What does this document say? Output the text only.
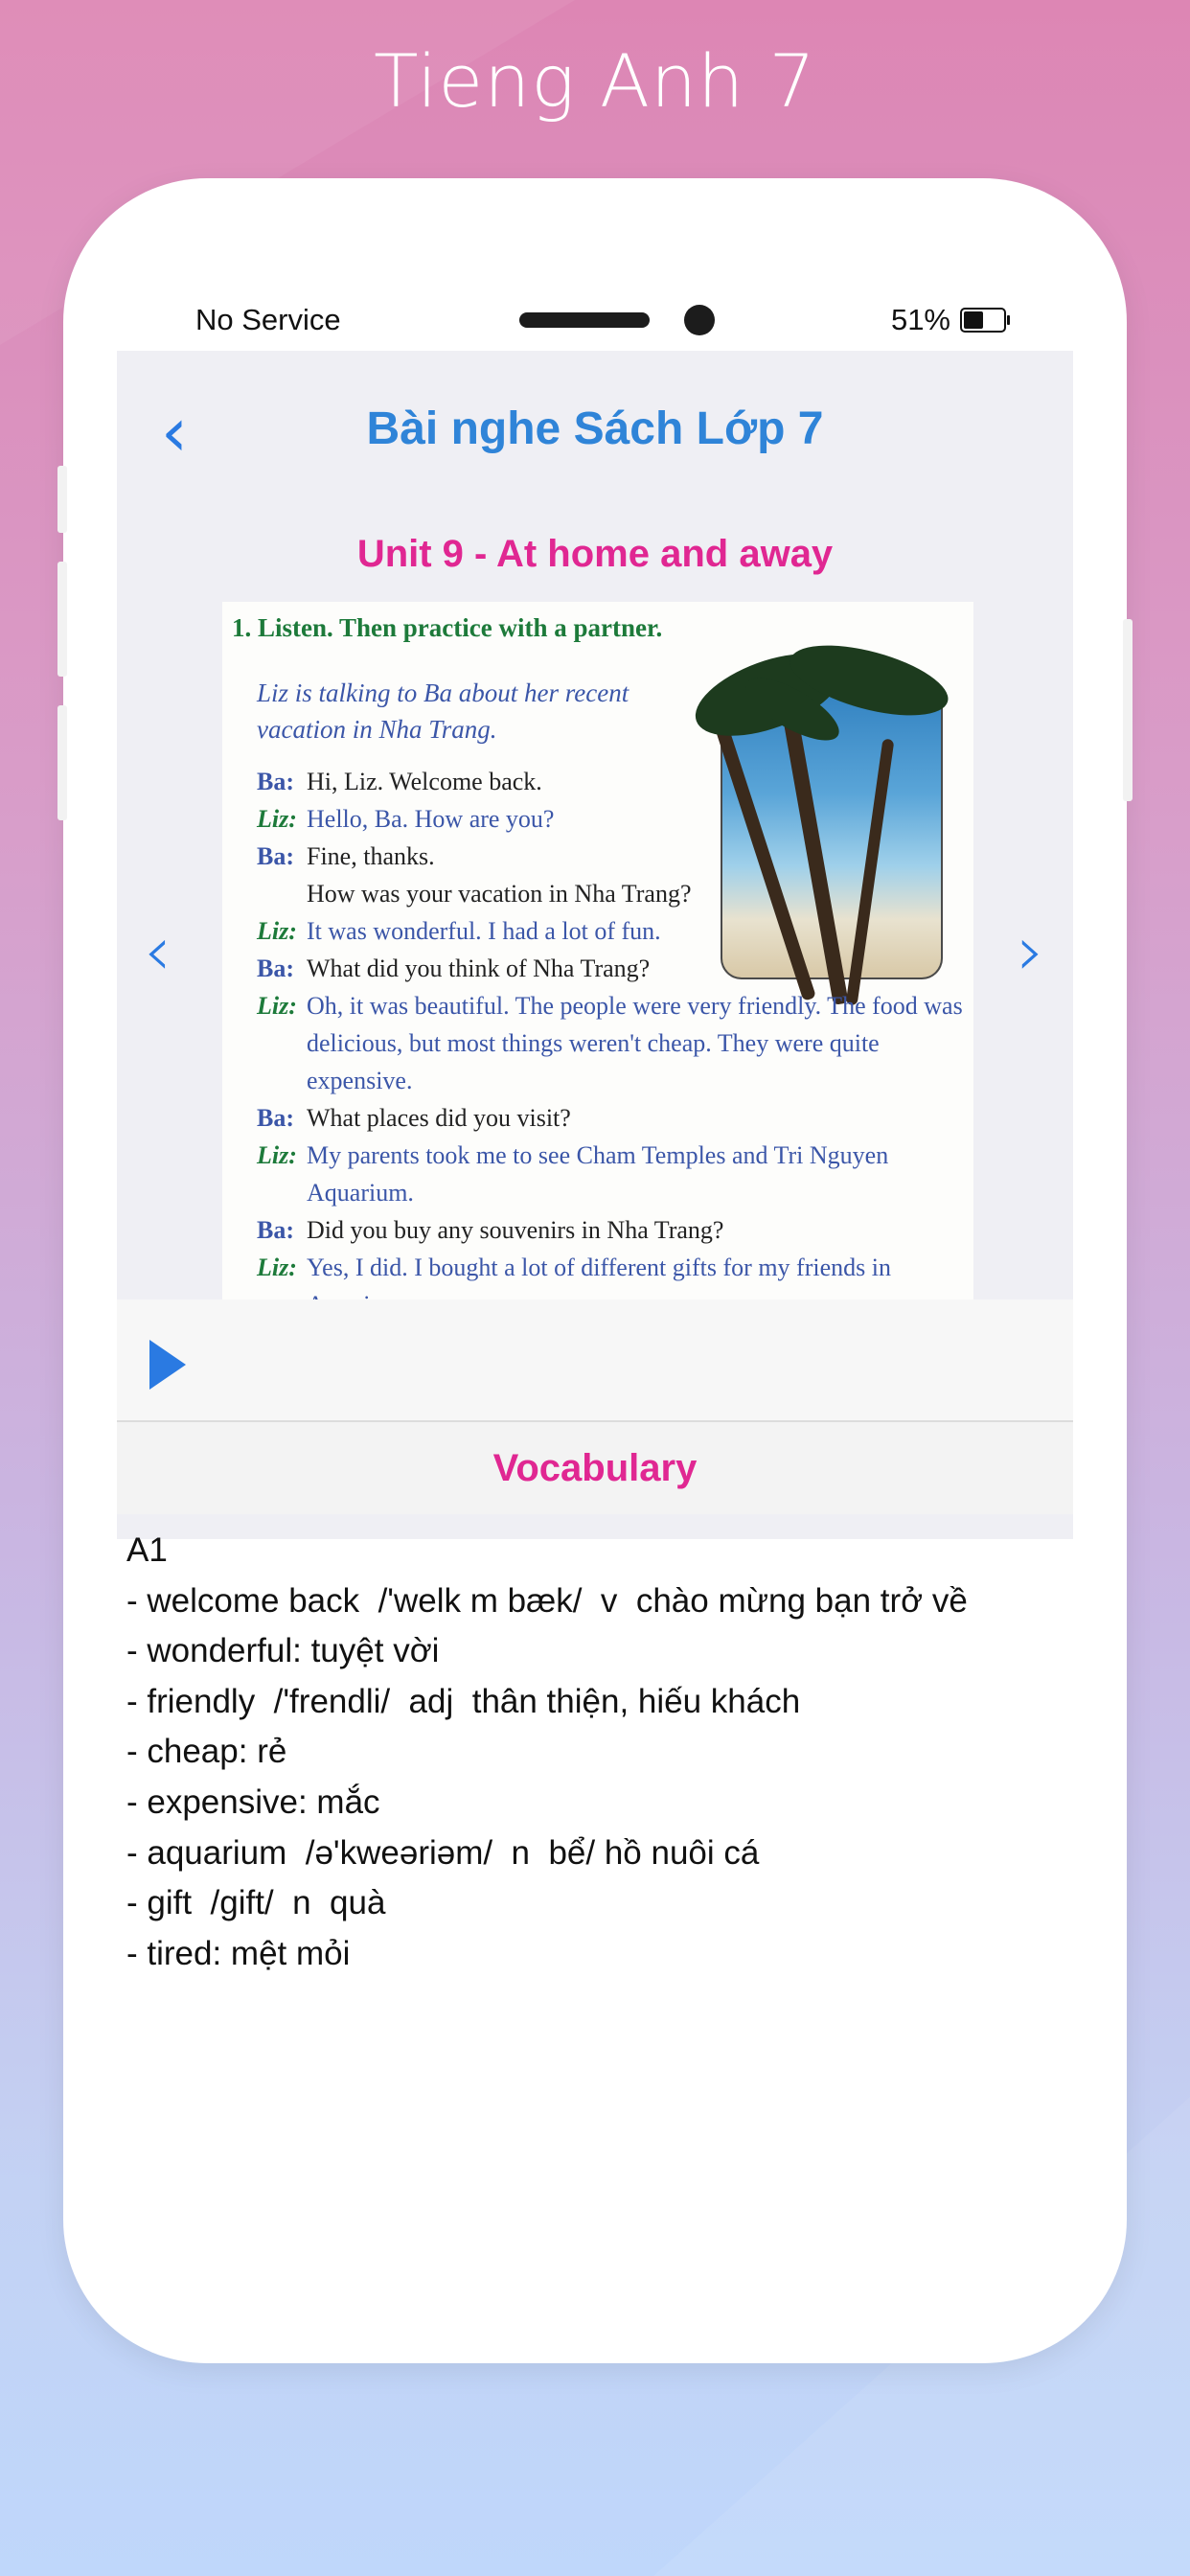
Tieng Anh 7
No Service	51%
‹	Bài nghe Sách Lớp 7
Unit 9 - At home and away
‹	›
1. Listen. Then practice with a partner.
Liz is talking to Ba about her recent vacation in Nha Trang.
Ba: Hi, Liz. Welcome back.
Liz: Hello, Ba. How are you?
Ba: Fine, thanks.
How was your vacation in Nha Trang?
Liz: It was wonderful. I had a lot of fun.
Ba: What did you think of Nha Trang?
Liz: Oh, it was beautiful. The people were very friendly. The food was
delicious, but most things weren't cheap. They were quite expensive.
Ba: What places did you visit?
Liz: My parents took me to see Cham Temples and Tri Nguyen Aquarium.
Ba: Did you buy any souvenirs in Nha Trang?
Liz: Yes, I did. I bought a lot of different gifts for my friends in
Vocabulary
A1
- welcome back  /'welk m bæk/  v  chào mừng bạn trở về
- wonderful: tuyệt vời
- friendly  /'frendli/  adj  thân thiện, hiếu khách
- cheap: rẻ
- expensive: mắc
- aquarium  /ə'kweəriəm/  n  bể/ hồ nuôi cá
- gift  /gift/  n  quà
- tired: mệt mỏi
